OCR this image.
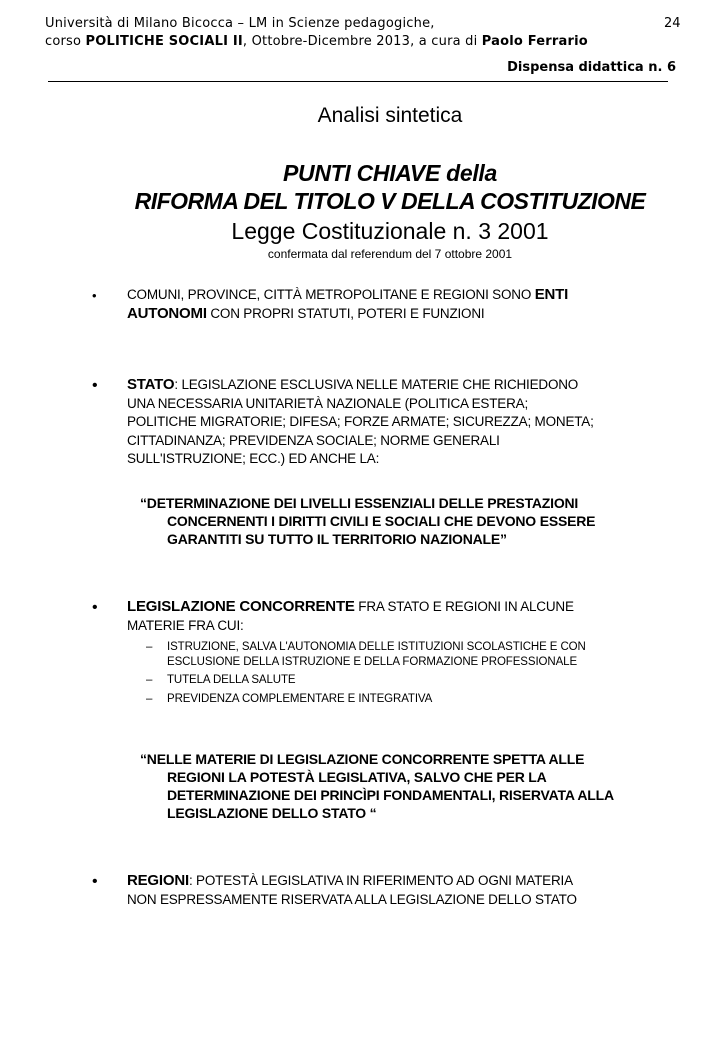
Università di Milano Bicocca – LM in Scienze pedagogiche,
corso POLITICHE SOCIALI II, Ottobre-Dicembre 2013, a cura di Paolo Ferrario
24
Dispensa didattica n. 6
Analisi sintetica
PUNTI CHIAVE della
RIFORMA DEL TITOLO V DELLA COSTITUZIONE
Legge Costituzionale n. 3 2001
confermata dal referendum del 7 ottobre 2001
• COMUNI, PROVINCE, CITTÀ METROPOLITANE E REGIONI SONO ENTI
AUTONOMI CON PROPRI STATUTI, POTERI E FUNZIONI
• STATO: LEGISLAZIONE ESCLUSIVA NELLE MATERIE CHE RICHIEDONO
UNA NECESSARIA UNITARIETÀ NAZIONALE (POLITICA ESTERA;
POLITICHE MIGRATORIE; DIFESA; FORZE ARMATE; SICUREZZA; MONETA;
CITTADINANZA; PREVIDENZA SOCIALE; NORME GENERALI
SULL'ISTRUZIONE; ECC.) ED ANCHE LA:
“DETERMINAZIONE DEI LIVELLI ESSENZIALI DELLE PRESTAZIONI
CONCERNENTI I DIRITTI CIVILI E SOCIALI CHE DEVONO ESSERE
GARANTITI SU TUTTO IL TERRITORIO NAZIONALE”
• LEGISLAZIONE CONCORRENTE FRA STATO E REGIONI IN ALCUNE
MATERIE FRA CUI:
– ISTRUZIONE, SALVA L'AUTONOMIA DELLE ISTITUZIONI SCOLASTICHE E CON
ESCLUSIONE DELLA ISTRUZIONE E DELLA FORMAZIONE PROFESSIONALE
– TUTELA DELLA SALUTE
– PREVIDENZA COMPLEMENTARE E INTEGRATIVA
“NELLE MATERIE DI LEGISLAZIONE CONCORRENTE SPETTA ALLE
REGIONI LA POTESTÀ LEGISLATIVA, SALVO CHE PER LA
DETERMINAZIONE DEI PRINCÌPI FONDAMENTALI, RISERVATA ALLA
LEGISLAZIONE DELLO STATO “
• REGIONI: POTESTÀ LEGISLATIVA IN RIFERIMENTO AD OGNI MATERIA
NON ESPRESSAMENTE RISERVATA ALLA LEGISLAZIONE DELLO STATO
